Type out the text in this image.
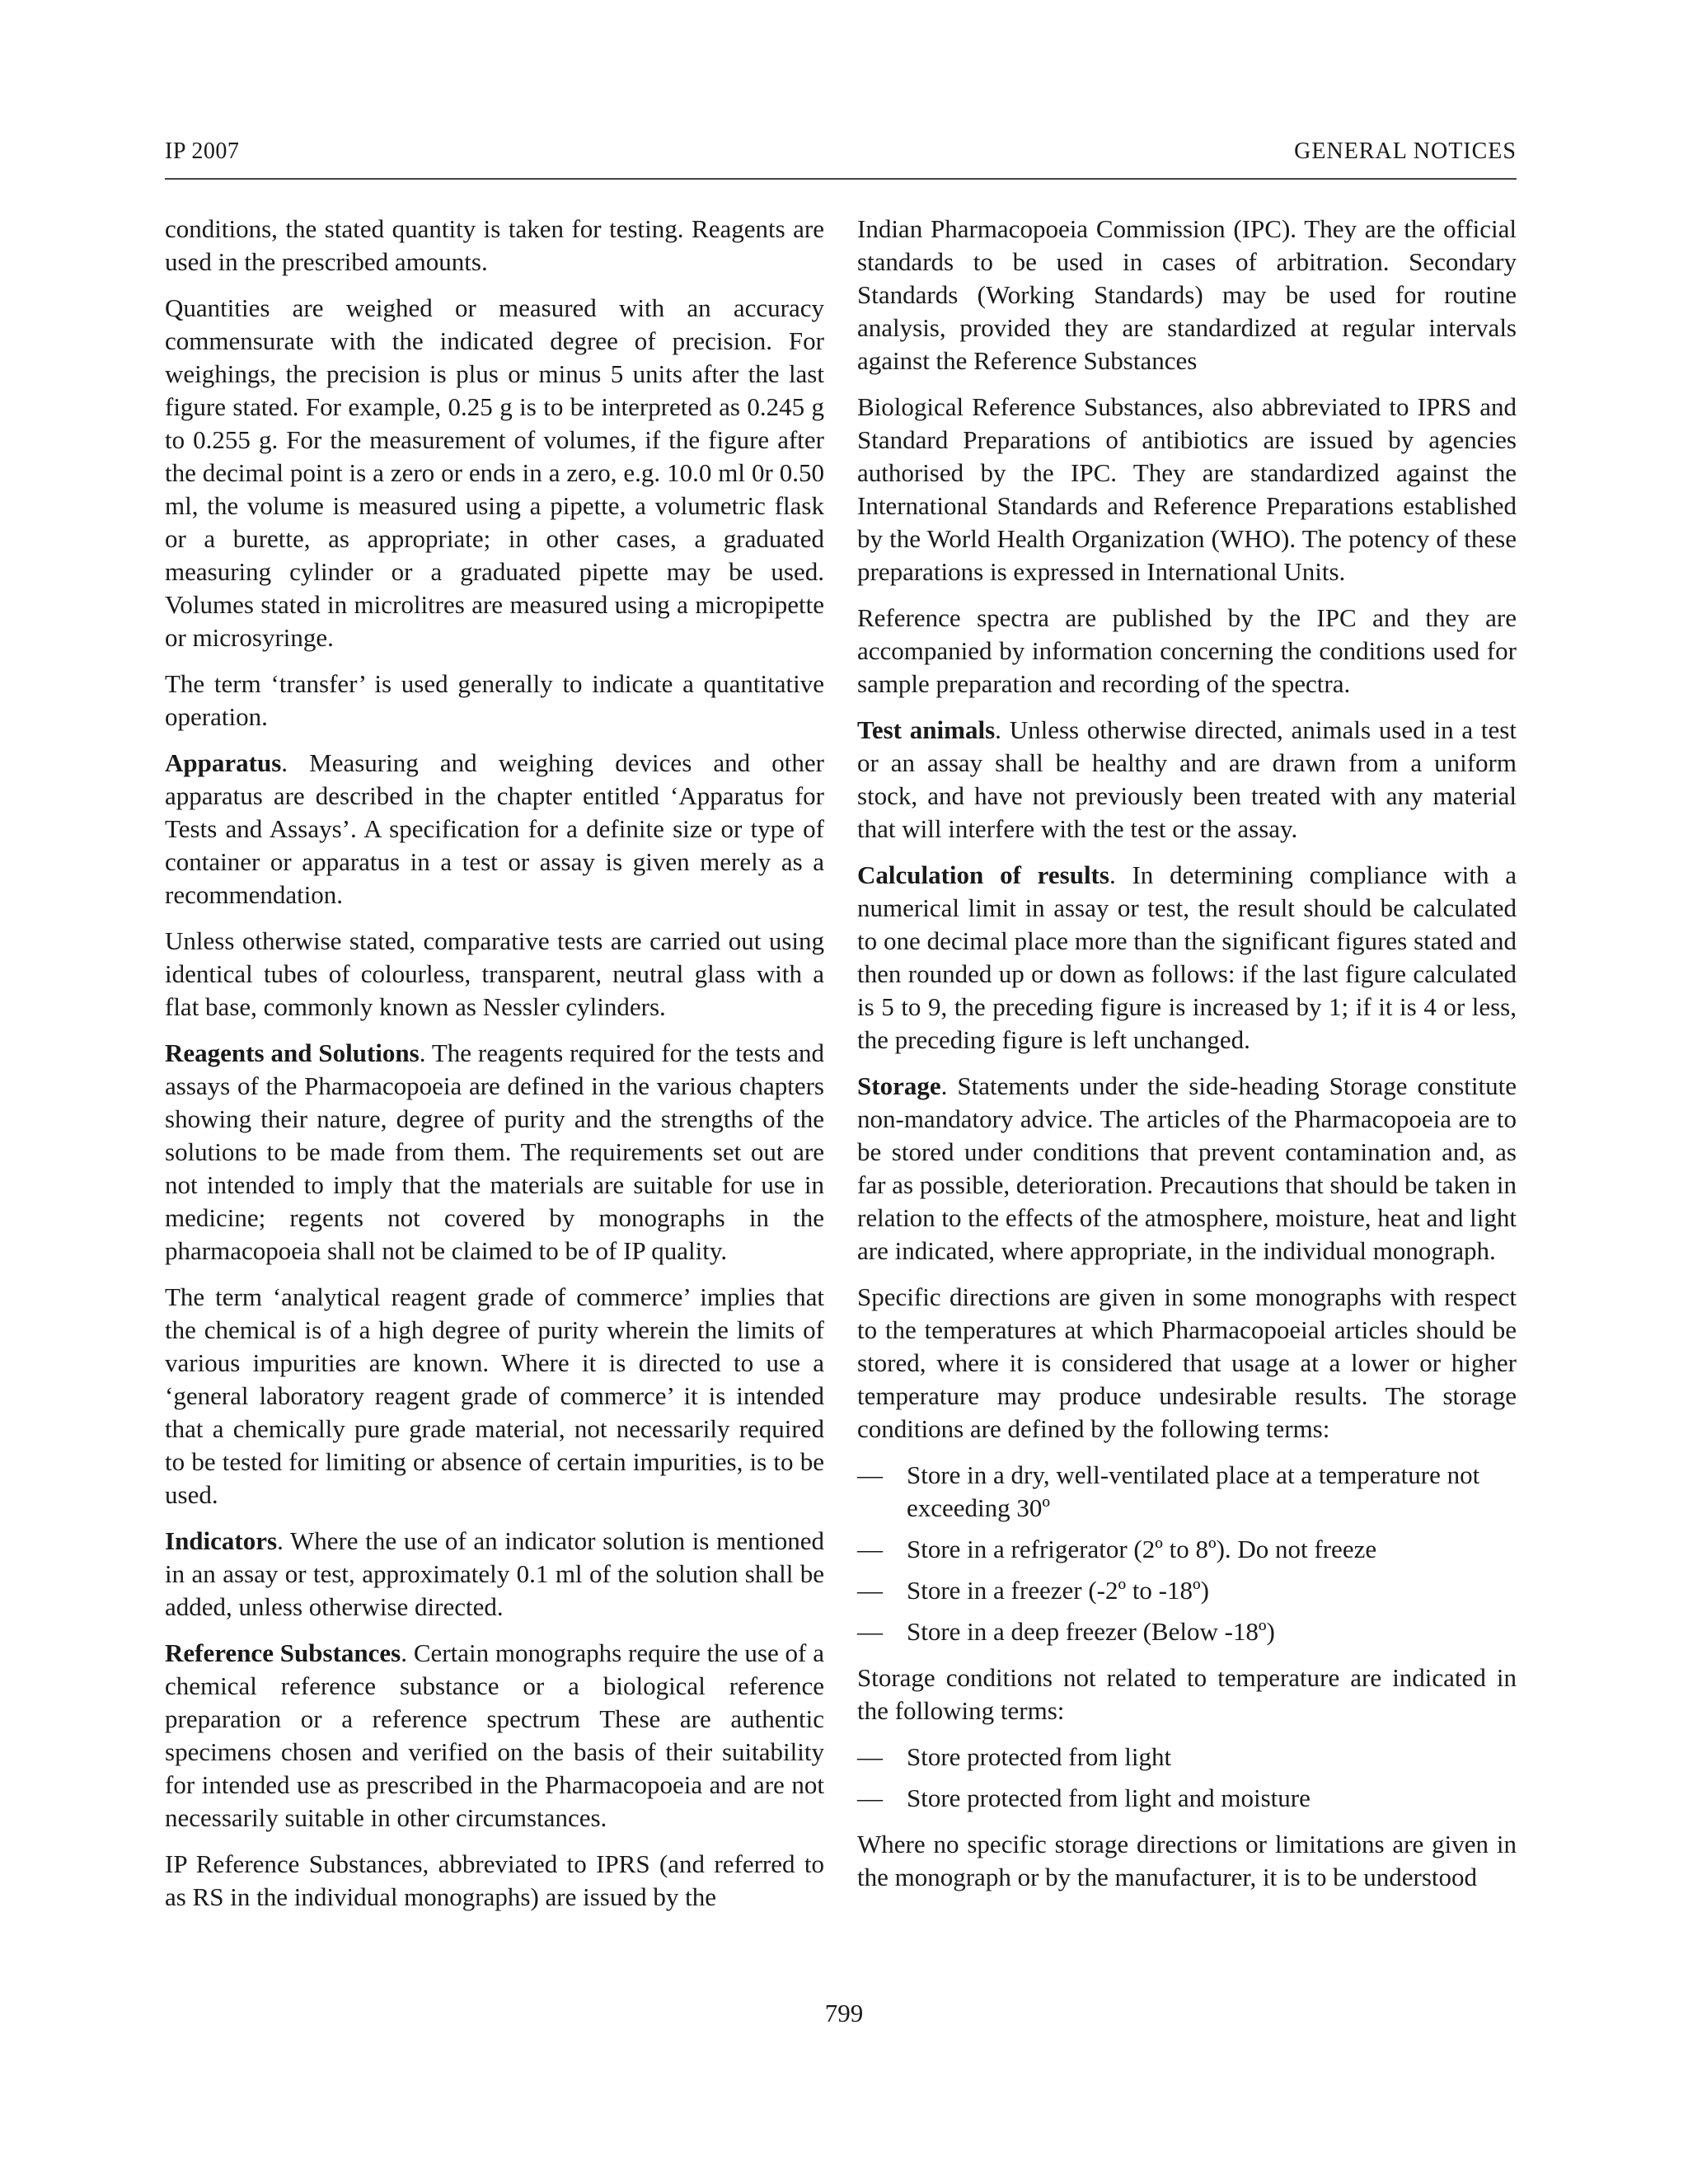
IP 2007	GENERAL NOTICES

conditions, the stated quantity is taken for testing. Reagents are used in the prescribed amounts.

Quantities are weighed or measured with an accuracy commensurate with the indicated degree of precision. For weighings, the precision is plus or minus 5 units after the last figure stated. For example, 0.25 g is to be interpreted as 0.245 g to 0.255 g. For the measurement of volumes, if the figure after the decimal point is a zero or ends in a zero, e.g. 10.0 ml 0r 0.50 ml, the volume is measured using a pipette, a volumetric flask or a burette, as appropriate; in other cases, a graduated measuring cylinder or a graduated pipette may be used. Volumes stated in microlitres are measured using a micropipette or microsyringe.

The term ‘transfer’ is used generally to indicate a quantitative operation.

Apparatus. Measuring and weighing devices and other apparatus are described in the chapter entitled ‘Apparatus for Tests and Assays’. A specification for a definite size or type of container or apparatus in a test or assay is given merely as a recommendation.

Unless otherwise stated, comparative tests are carried out using identical tubes of colourless, transparent, neutral glass with a flat base, commonly known as Nessler cylinders.

Reagents and Solutions. The reagents required for the tests and assays of the Pharmacopoeia are defined in the various chapters showing their nature, degree of purity and the strengths of the solutions to be made from them. The requirements set out are not intended to imply that the materials are suitable for use in medicine; regents not covered by monographs in the pharmacopoeia shall not be claimed to be of IP quality.

The term ‘analytical reagent grade of commerce’ implies that the chemical is of a high degree of purity wherein the limits of various impurities are known. Where it is directed to use a ‘general laboratory reagent grade of commerce’ it is intended that a chemically pure grade material, not necessarily required to be tested for limiting or absence of certain impurities, is to be used.

Indicators. Where the use of an indicator solution is mentioned in an assay or test, approximately 0.1 ml of the solution shall be added, unless otherwise directed.

Reference Substances. Certain monographs require the use of a chemical reference substance or a biological reference preparation or a reference spectrum These are authentic specimens chosen and verified on the basis of their suitability for intended use as prescribed in the Pharmacopoeia and are not necessarily suitable in other circumstances.

IP Reference Substances, abbreviated to IPRS (and referred to as RS in the individual monographs) are issued by the

Indian Pharmacopoeia Commission (IPC). They are the official standards to be used in cases of arbitration. Secondary Standards (Working Standards) may be used for routine analysis, provided they are standardized at regular intervals against the Reference Substances

Biological Reference Substances, also abbreviated to IPRS and Standard Preparations of antibiotics are issued by agencies authorised by the IPC. They are standardized against the International Standards and Reference Preparations established by the World Health Organization (WHO). The potency of these preparations is expressed in International Units.

Reference spectra are published by the IPC and they are accompanied by information concerning the conditions used for sample preparation and recording of the spectra.

Test animals. Unless otherwise directed, animals used in a test or an assay shall be healthy and are drawn from a uniform stock, and have not previously been treated with any material that will interfere with the test or the assay.

Calculation of results. In determining compliance with a numerical limit in assay or test, the result should be calculated to one decimal place more than the significant figures stated and then rounded up or down as follows: if the last figure calculated is 5 to 9, the preceding figure is increased by 1; if it is 4 or less, the preceding figure is left unchanged.

Storage. Statements under the side-heading Storage constitute non-mandatory advice. The articles of the Pharmacopoeia are to be stored under conditions that prevent contamination and, as far as possible, deterioration. Precautions that should be taken in relation to the effects of the atmosphere, moisture, heat and light are indicated, where appropriate, in the individual monograph.

Specific directions are given in some monographs with respect to the temperatures at which Pharmacopoeial articles should be stored, where it is considered that usage at a lower or higher temperature may produce undesirable results. The storage conditions are defined by the following terms:

— Store in a dry, well-ventilated place at a temperature not exceeding 30º
— Store in a refrigerator (2º to 8º). Do not freeze
— Store in a freezer (-2º to -18º)
— Store in a deep freezer (Below -18º)

Storage conditions not related to temperature are indicated in the following terms:

— Store protected from light
— Store protected from light and moisture

Where no specific storage directions or limitations are given in the monograph or by the manufacturer, it is to be understood

799
